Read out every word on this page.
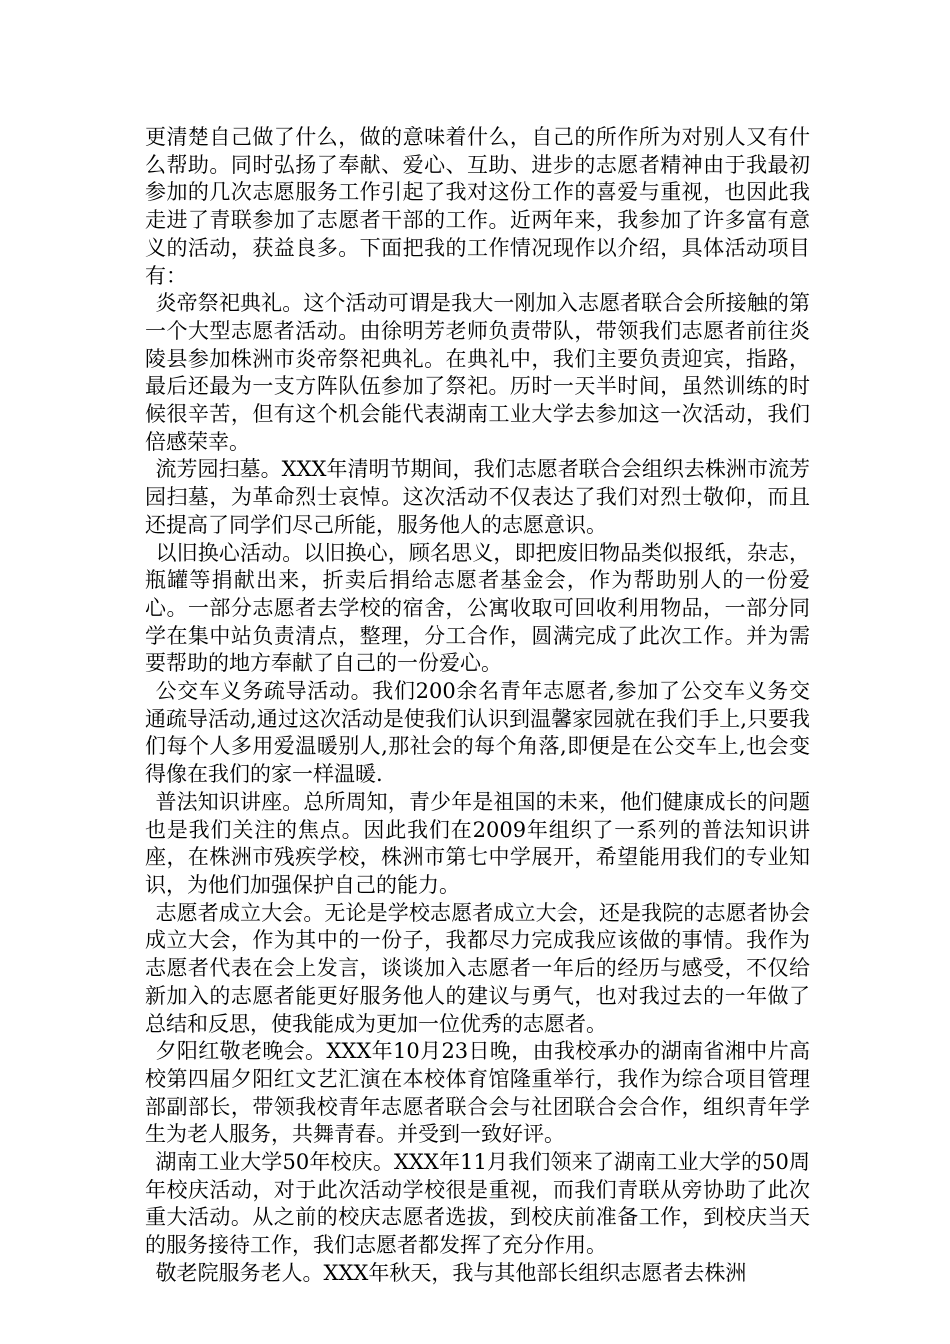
更清楚自己做了什么，做的意味着什么，自己的所作所为对别人又有什么帮助。同时弘扬了奉献、爱心、互助、进步的志愿者精神由于我最初参加的几次志愿服务工作引起了我对这份工作的喜爱与重视，也因此我走进了青联参加了志愿者干部的工作。近两年来，我参加了许多富有意义的活动，获益良多。下面把我的工作情况现作以介绍，具体活动项目有：

炎帝祭祀典礼。这个活动可谓是我大一刚加入志愿者联合会所接触的第一个大型志愿者活动。由徐明芳老师负责带队，带领我们志愿者前往炎陵县参加株洲市炎帝祭祀典礼。在典礼中，我们主要负责迎宾，指路，最后还最为一支方阵队伍参加了祭祀。历时一天半时间，虽然训练的时候很辛苦，但有这个机会能代表湖南工业大学去参加这一次活动，我们倍感荣幸。

流芳园扫墓。XXX年清明节期间，我们志愿者联合会组织去株洲市流芳园扫墓，为革命烈士哀悼。这次活动不仅表达了我们对烈士敬仰，而且还提高了同学们尽己所能，服务他人的志愿意识。

以旧换心活动。以旧换心，顾名思义，即把废旧物品类似报纸，杂志，瓶罐等捐献出来，折卖后捐给志愿者基金会，作为帮助别人的一份爱心。一部分志愿者去学校的宿舍，公寓收取可回收利用物品，一部分同学在集中站负责清点，整理，分工合作，圆满完成了此次工作。并为需要帮助的地方奉献了自己的一份爱心。

公交车义务疏导活动。我们200余名青年志愿者,参加了公交车义务交通疏导活动,通过这次活动是使我们认识到温馨家园就在我们手上,只要我们每个人多用爱温暖别人,那社会的每个角落,即便是在公交车上,也会变得像在我们的家一样温暖.

普法知识讲座。总所周知，青少年是祖国的未来，他们健康成长的问题也是我们关注的焦点。因此我们在2009年组织了一系列的普法知识讲座，在株洲市残疾学校，株洲市第七中学展开，希望能用我们的专业知识，为他们加强保护自己的能力。

志愿者成立大会。无论是学校志愿者成立大会，还是我院的志愿者协会成立大会，作为其中的一份子，我都尽力完成我应该做的事情。我作为志愿者代表在会上发言，谈谈加入志愿者一年后的经历与感受，不仅给新加入的志愿者能更好服务他人的建议与勇气，也对我过去的一年做了总结和反思，使我能成为更加一位优秀的志愿者。

夕阳红敬老晚会。XXX年10月23日晚，由我校承办的湖南省湘中片高校第四届夕阳红文艺汇演在本校体育馆隆重举行，我作为综合项目管理部副部长，带领我校青年志愿者联合会与社团联合会合作，组织青年学生为老人服务，共舞青春。并受到一致好评。

湖南工业大学50年校庆。XXX年11月我们领来了湖南工业大学的50周年校庆活动，对于此次活动学校很是重视，而我们青联从旁协助了此次重大活动。从之前的校庆志愿者选拔，到校庆前准备工作，到校庆当天的服务接待工作，我们志愿者都发挥了充分作用。

敬老院服务老人。XXX年秋天，我与其他部长组织志愿者去株洲
